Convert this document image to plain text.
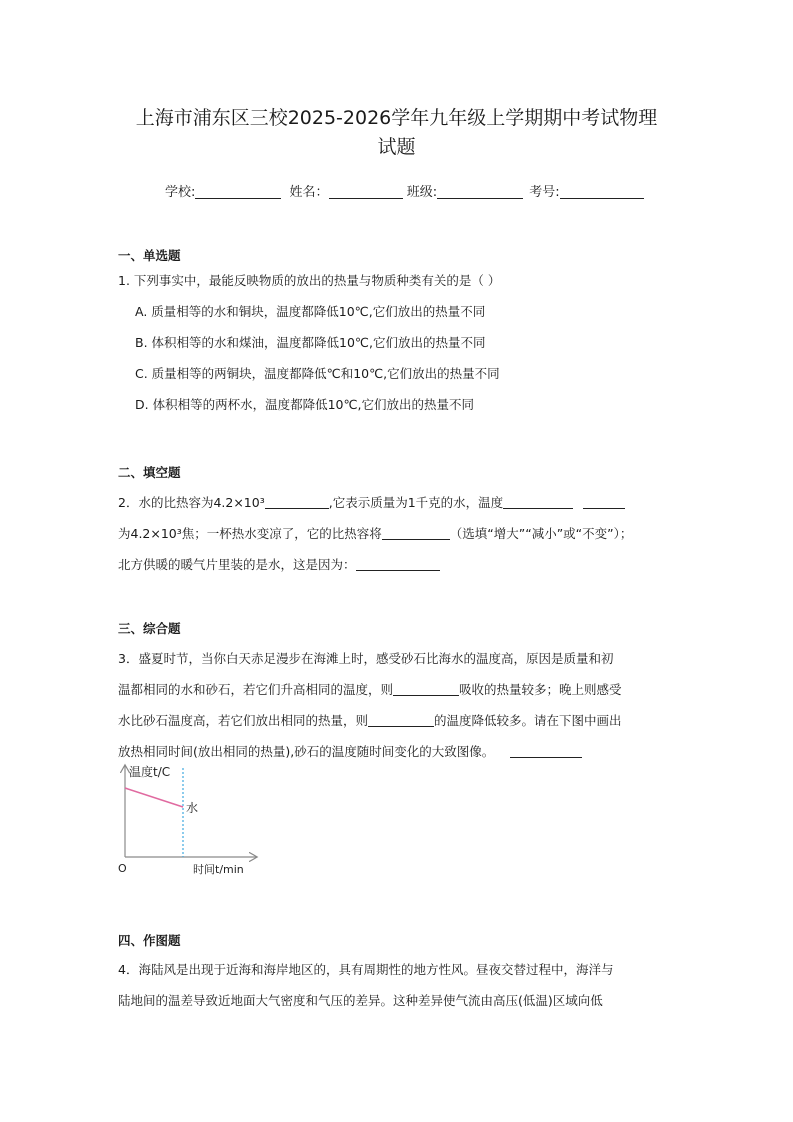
上海市浦东区三校2025-2026学年九年级上学期期中考试物理
试题
学校:	姓名：	班级:	考号:
一、单选题
1. 下列事实中，最能反映物质的放出的热量与物质种类有关的是（ ）
A. 质量相等的水和铜块，温度都降低10℃,它们放出的热量不同
B. 体积相等的水和煤油，温度都降低10℃,它们放出的热量不同
C. 质量相等的两铜块，温度都降低℃和10℃,它们放出的热量不同
D. 体积相等的两杯水，温度都降低10℃,它们放出的热量不同
二、填空题
2．水的比热容为4.2×10³	,它表示质量为1千克的水，温度
为4.2×10³焦；一杯热水变凉了，它的比热容将	（选填“增大”“减小”或“不变”）；
北方供暖的暖气片里装的是水，这是因为：
三、综合题
3．盛夏时节，当你白天赤足漫步在海滩上时，感受砂石比海水的温度高，原因是质量和初
温都相同的水和砂石，若它们升高相同的温度，则	吸收的热量较多；晚上则感受
水比砂石温度高，若它们放出相同的热量，则	的温度降低较多。请在下图中画出
放热相同时间(放出相同的热量),砂石的温度随时间变化的大致图像。
温度t/C
水
O	时间t/min
四、作图题
4．海陆风是出现于近海和海岸地区的，具有周期性的地方性风。昼夜交替过程中，海洋与
陆地间的温差导致近地面大气密度和气压的差异。这种差异使气流由高压(低温)区域向低
